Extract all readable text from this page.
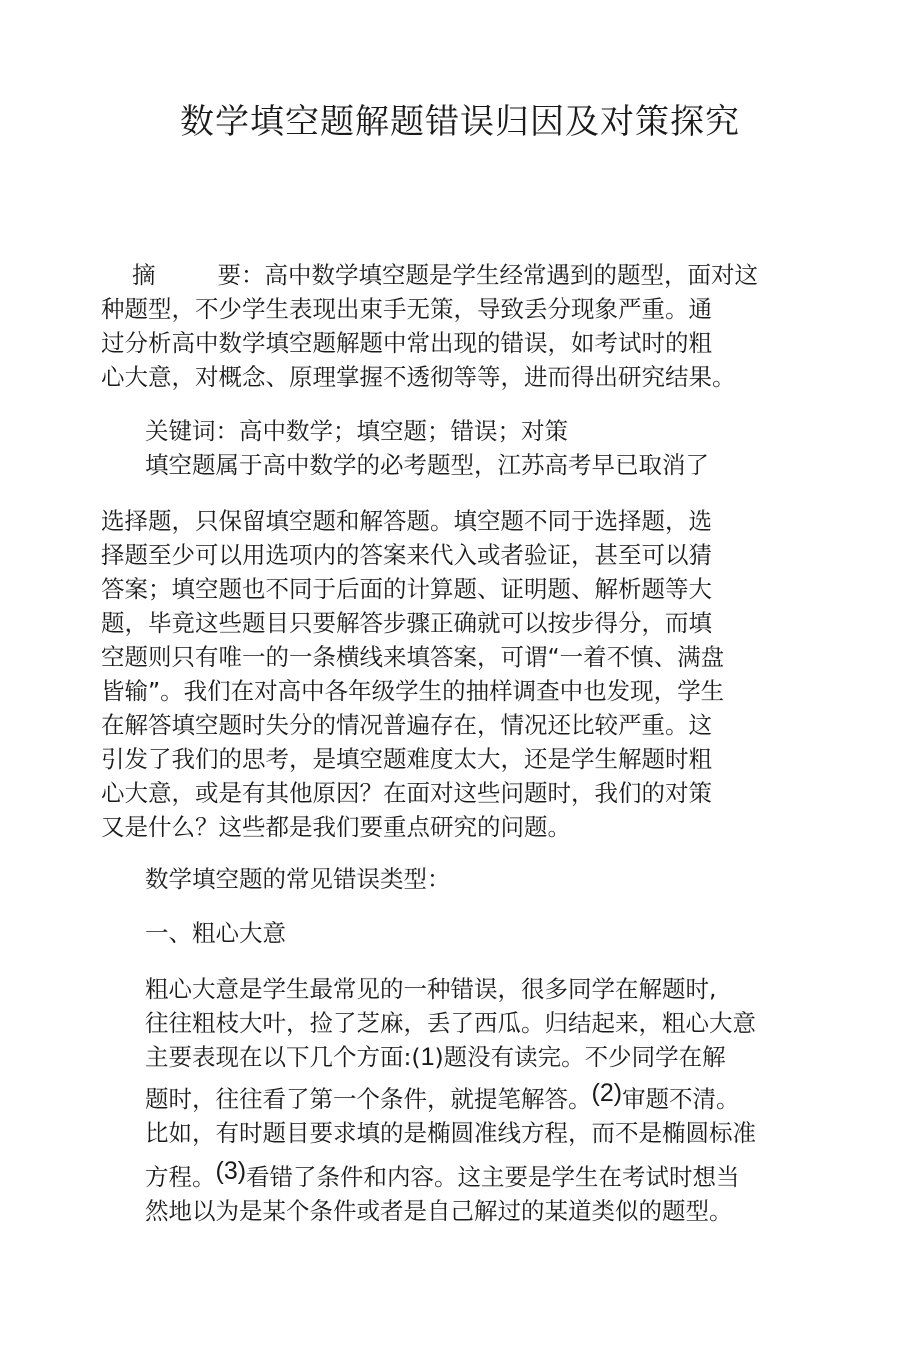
数学填空题解题错误归因及对策探究
摘	要：高中数学填空题是学生经常遇到的题型，面对这
种题型，不少学生表现出束手无策，导致丢分现象严重。通
过分析高中数学填空题解题中常出现的错误，如考试时的粗
心大意，对概念、原理掌握不透彻等等，进而得出研究结果。
关键词：高中数学；填空题；错误；对策
填空题属于高中数学的必考题型，江苏高考早已取消了
选择题，只保留填空题和解答题。填空题不同于选择题，选
择题至少可以用选项内的答案来代入或者验证，甚至可以猜
答案；填空题也不同于后面的计算题、证明题、解析题等大
题，毕竟这些题目只要解答步骤正确就可以按步得分，而填
空题则只有唯一的一条横线来填答案，可谓“一着不慎、满盘
皆输”。我们在对高中各年级学生的抽样调查中也发现，学生
在解答填空题时失分的情况普遍存在，情况还比较严重。这
引发了我们的思考，是填空题难度太大，还是学生解题时粗
心大意，或是有其他原因？在面对这些问题时，我们的对策
又是什么？这些都是我们要重点研究的问题。
数学填空题的常见错误类型：
一、粗心大意
粗心大意是学生最常见的一种错误，很多同学在解题时,
往往粗枝大叶，捡了芝麻，丢了西瓜。归结起来，粗心大意
主要表现在以下几个方面:(1)题没有读完。不少同学在解
题时，往往看了第一个条件，就提笔解答。(2)审题不清。
比如，有时题目要求填的是椭圆准线方程，而不是椭圆标准
方程。(3)看错了条件和内容。这主要是学生在考试时想当
然地以为是某个条件或者是自己解过的某道类似的题型。
